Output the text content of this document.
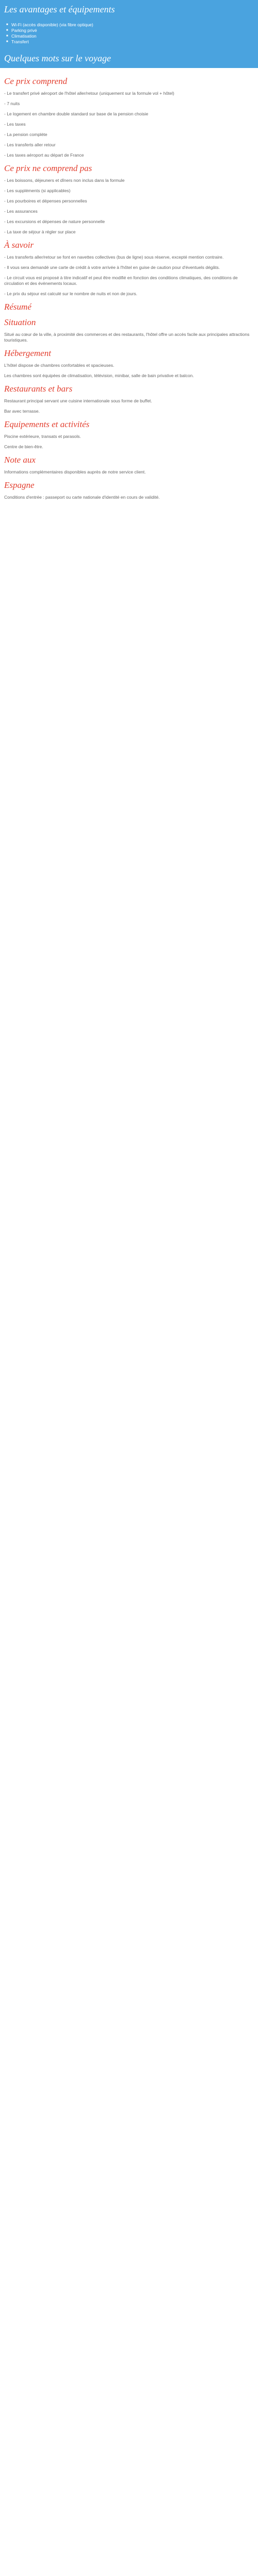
Les avantages et équipements
■ Wi-Fi (accès disponible) (via fibre optique)
■ Parking privé
■ Climatisation
■ Transfert
Quelques mots sur le voyage
Ce prix comprend

- Le transfert privé aéroport de l'hôtel aller/retour (uniquement sur la formule vol + hôtel)

- 7 nuits

- Le logement en chambre double standard sur base de la pension choisie

- Les taxes

- La pension complète

- Les transferts aller retour

- Les taxes aéroport au départ de France

Ce prix ne comprend pas

- Les boissons, déjeuners et dîners non inclus dans la formule

- Les suppléments (si applicables)

- Les pourboires et dépenses personnelles

- Les assurances

- Les excursions et dépenses de nature personnelle

- La taxe de séjour à régler sur place

À savoir

- Les transferts aller/retour se font en navettes collectives (bus de ligne) sous réserve, excepté mention contraire.

- Il vous sera demandé une carte de crédit à votre arrivée à l'hôtel en guise de caution pour d'éventuels dégâts.

- Le circuit vous est proposé à titre indicatif et peut être modifié en fonction des conditions climatiques, des conditions de circulation et des évènements locaux.

- Le prix du séjour est calculé sur le nombre de nuits et non de jours.

Résumé
Situation

Situé au cœur de la ville, à proximité des commerces et des restaurants, l'hôtel offre un accès facile aux principales attractions touristiques.

Hébergement

L'hôtel dispose de chambres confortables et spacieuses.

Les chambres sont équipées de climatisation, télévision, minibar, salle de bain privative et balcon.

Restaurants et bars

Restaurant principal servant une cuisine internationale sous forme de buffet.

Bar avec terrasse.

Equipements et activités

Piscine extérieure, transats et parasols.

Centre de bien-être.

Note aux

Informations complémentaires disponibles auprès de notre service client.

Espagne

Conditions d'entrée : passeport ou carte nationale d'identité en cours de validité.
